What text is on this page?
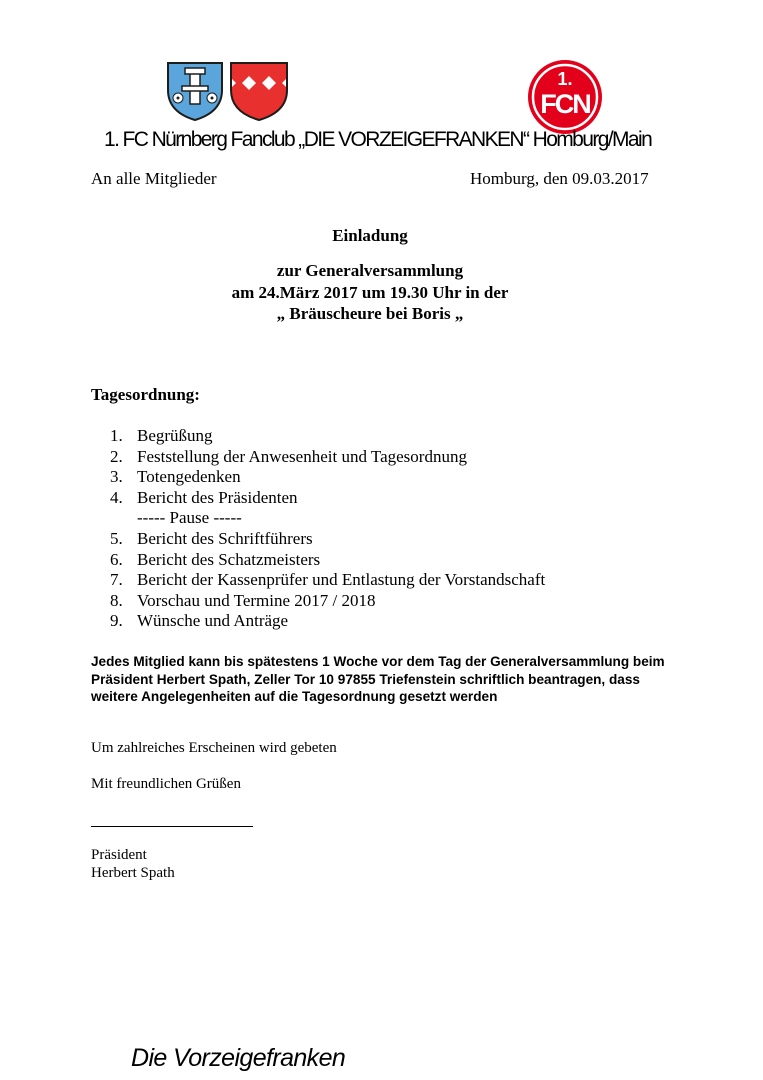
1.
FCN
1. FC Nürnberg Fanclub „DIE VORZEIGEFRANKEN“ Homburg/Main
An alle Mitglieder	Homburg, den 09.03.2017
Einladung
zur Generalversammlung
am 24.März 2017 um 19.30 Uhr in der
„ Bräuscheure bei Boris „
Tagesordnung:
1. Begrüßung
2. Feststellung der Anwesenheit und Tagesordnung
3. Totengedenken
4. Bericht des Präsidenten
----- Pause -----
5. Bericht des Schriftführers
6. Bericht des Schatzmeisters
7. Bericht der Kassenprüfer und Entlastung der Vorstandschaft
8. Vorschau und Termine 2017 / 2018
9. Wünsche und Anträge
Jedes Mitglied kann bis spätestens 1 Woche vor dem Tag der Generalversammlung beim
Präsident Herbert Spath, Zeller Tor 10 97855 Triefenstein schriftlich beantragen, dass
weitere Angelegenheiten auf die Tagesordnung gesetzt werden
Um zahlreiches Erscheinen wird gebeten
Mit freundlichen Grüßen
Präsident
Herbert Spath
Die Vorzeigefranken
